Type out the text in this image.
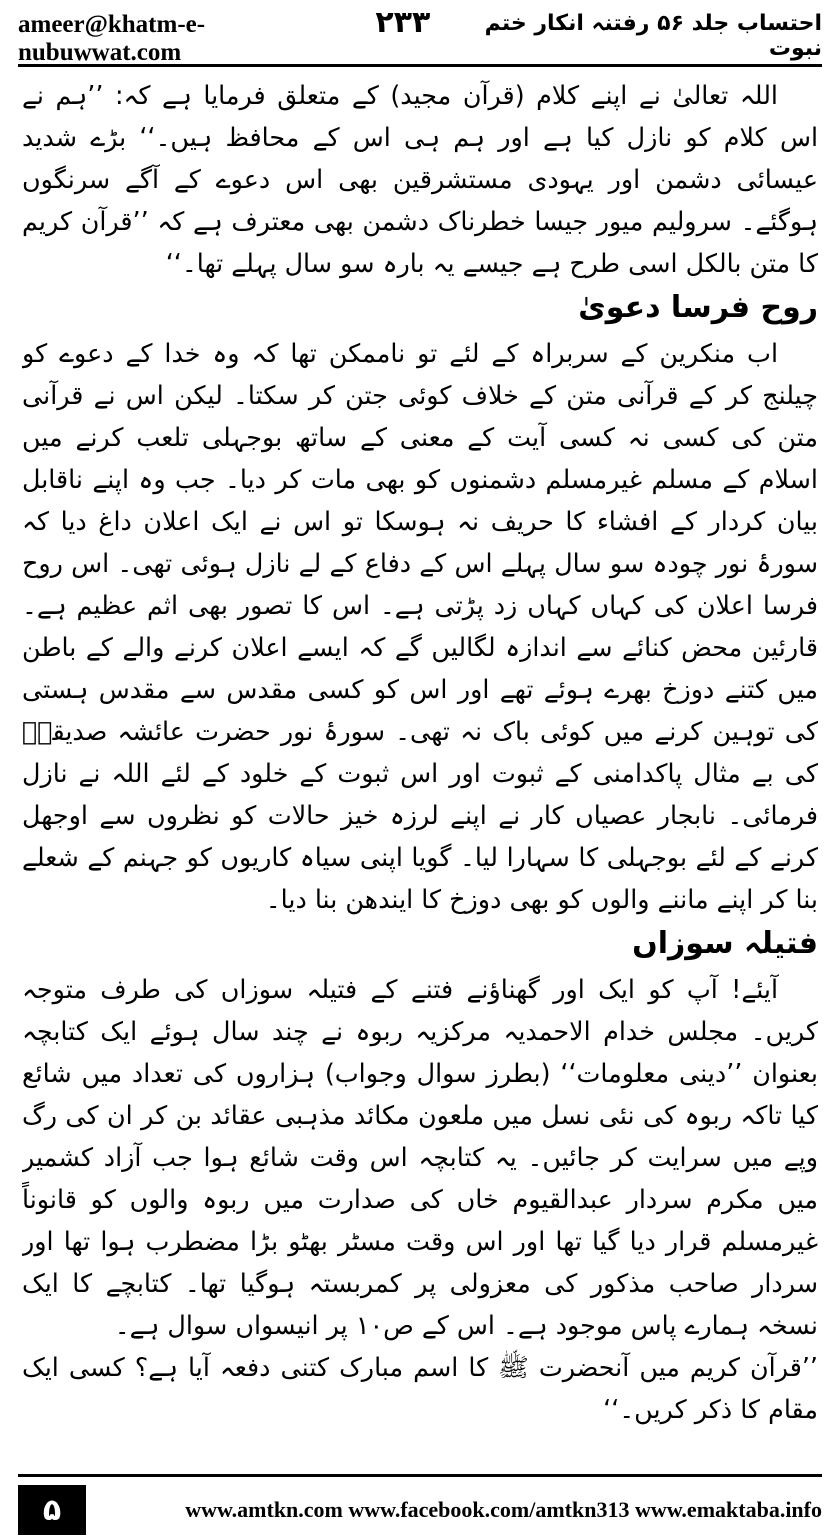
ameer@khatm-e-nubuwwat.com
۲۳۳	احتساب جلد ۵۶ رفتنہ انکار ختم نبوت

اللہ تعالیٰ نے اپنے کلام (قرآن مجید) کے متعلق فرمایا ہے کہ: ’’ہم نے اس کلام کو نازل کیا ہے اور ہم ہی اس کے محافظ ہیں۔‘‘ بڑے شدید عیسائی دشمن اور یہودی مستشرقین بھی اس دعوے کے آگے سرنگوں ہوگئے۔ سرولیم میور جیسا خطرناک دشمن بھی معترف ہے کہ ’’قرآن کریم کا متن بالکل اسی طرح ہے جیسے یہ بارہ سو سال پہلے تھا۔‘‘

روح فرسا دعویٰ

اب منکرین کے سربراہ کے لئے تو ناممکن تھا کہ وہ خدا کے دعوے کو چیلنج کر کے قرآنی متن کے خلاف کوئی جتن کر سکتا۔ لیکن اس نے قرآنی متن کی کسی نہ کسی آیت کے معنی کے ساتھ بوجہلی تلعب کرنے میں اسلام کے مسلم غیرمسلم دشمنوں کو بھی مات کر دیا۔ جب وہ اپنے ناقابل بیان کردار کے افشاء کا حریف نہ ہوسکا تو اس نے ایک اعلان داغ دیا کہ سورۂ نور چودہ سو سال پہلے اس کے دفاع کے لے نازل ہوئی تھی۔ اس روح فرسا اعلان کی کہاں کہاں زد پڑتی ہے۔ اس کا تصور بھی اثم عظیم ہے۔ قارئین محض کنائے سے اندازہ لگالیں گے کہ ایسے اعلان کرنے والے کے باطن میں کتنے دوزخ بھرے ہوئے تھے اور اس کو کسی مقدس سے مقدس ہستی کی توہین کرنے میں کوئی باک نہ تھی۔ سورۂ نور حضرت عائشہ صدیقہؓ کی بے مثال پاکدامنی کے ثبوت اور اس ثبوت کے خلود کے لئے اللہ نے نازل فرمائی۔ نابجار عصیاں کار نے اپنے لرزہ خیز حالات کو نظروں سے اوجھل کرنے کے لئے بوجہلی کا سہارا لیا۔ گویا اپنی سیاہ کاریوں کو جہنم کے شعلے بنا کر اپنے ماننے والوں کو بھی دوزخ کا ایندھن بنا دیا۔

فتیلہ سوزاں

آیئے! آپ کو ایک اور گھناؤنے فتنے کے فتیلہ سوزاں کی طرف متوجہ کریں۔ مجلس خدام الاحمدیہ مرکزیہ ربوہ نے چند سال ہوئے ایک کتابچہ بعنوان ’’دینی معلومات‘‘ (بطرز سوال وجواب) ہزاروں کی تعداد میں شائع کیا تاکہ ربوہ کی نئی نسل میں ملعون مکائد مذہبی عقائد بن کر ان کی رگ وپے میں سرایت کر جائیں۔ یہ کتابچہ اس وقت شائع ہوا جب آزاد کشمیر میں مکرم سردار عبدالقیوم خاں کی صدارت میں ربوہ والوں کو قانوناً غیرمسلم قرار دیا گیا تھا اور اس وقت مسٹر بھٹو بڑا مضطرب ہوا تھا اور سردار صاحب مذکور کی معزولی پر کمربستہ ہوگیا تھا۔ کتابچے کا ایک نسخہ ہمارے پاس موجود ہے۔ اس کے ص۱۰ پر انیسواں سوال ہے۔

’’قرآن کریم میں آنحضرت ﷺ کا اسم مبارک کتنی دفعہ آیا ہے؟ کسی ایک مقام کا ذکر کریں۔‘‘

۵	www.amtkn.com www.facebook.com/amtkn313 www.emaktaba.info
